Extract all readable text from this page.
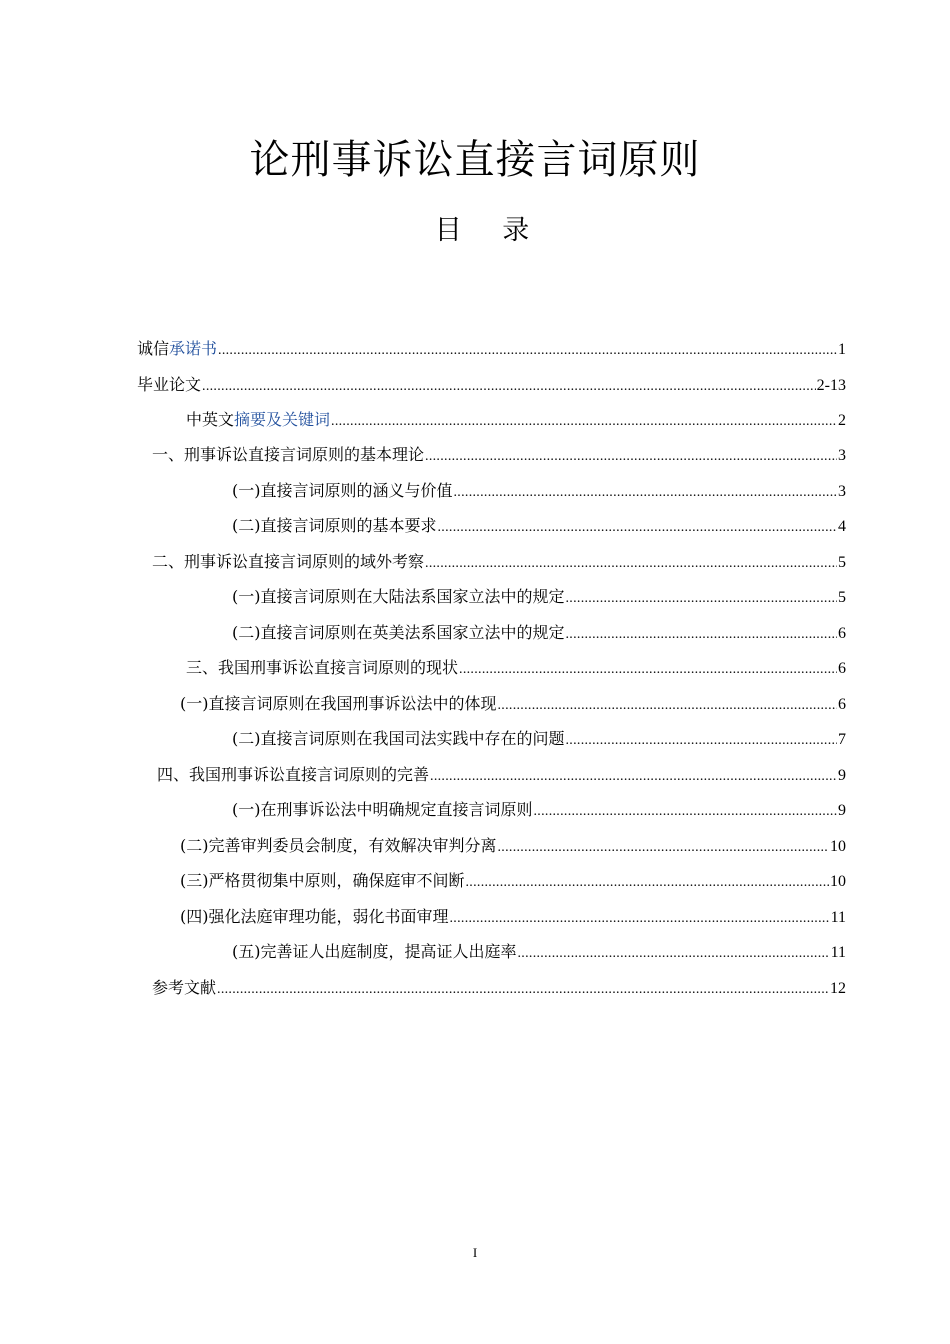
论刑事诉讼直接言词原则
目 录
诚信承诺书 .....	1
毕业论文 .....	2-13
中英文摘要及关键词 .....	2
一、刑事诉讼直接言词原则的基本理论 .....	3
(一)直接言词原则的涵义与价值 .....	3
(二)直接言词原则的基本要求 .....	4
二、刑事诉讼直接言词原则的域外考察 .....	5
(一)直接言词原则在大陆法系国家立法中的规定 .....	5
(二)直接言词原则在英美法系国家立法中的规定 .....	6
三、我国刑事诉讼直接言词原则的现状 .....	6
(一)直接言词原则在我国刑事诉讼法中的体现 .....	6
(二)直接言词原则在我国司法实践中存在的问题 .....	7
四、我国刑事诉讼直接言词原则的完善 .....	9
(一)在刑事诉讼法中明确规定直接言词原则 .....	9
(二)完善审判委员会制度，有效解决审判分离 .....	10
(三)严格贯彻集中原则，确保庭审不间断 .....	10
(四)强化法庭审理功能，弱化书面审理 .....	11
(五)完善证人出庭制度，提高证人出庭率 .....	11
参考文献 .....	12
I
